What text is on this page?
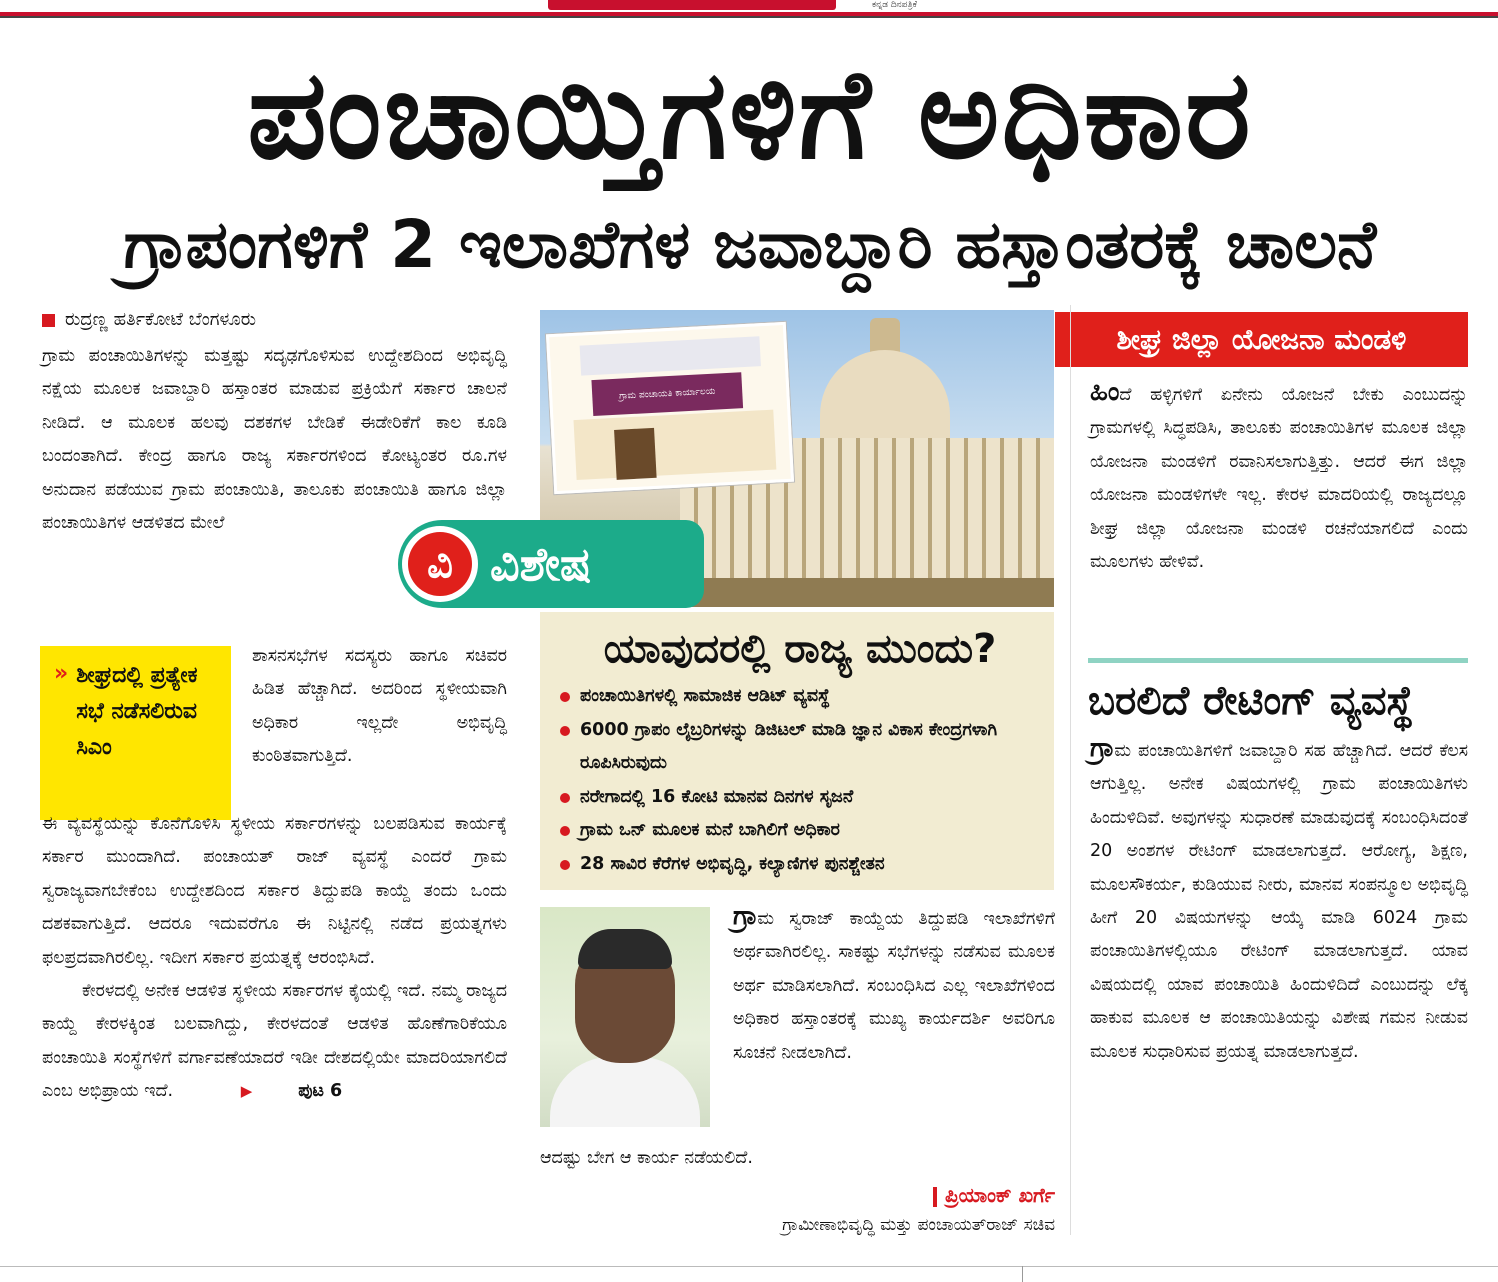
ಕನ್ನಡ ದಿನಪತ್ರಿಕೆ
ಪಂಚಾಯ್ತಿಗಳಿಗೆ ಅಧಿಕಾರ
ಗ್ರಾಪಂಗಳಿಗೆ 2 ಇಲಾಖೆಗಳ ಜವಾಬ್ದಾರಿ ಹಸ್ತಾಂತರಕ್ಕೆ ಚಾಲನೆ
ರುದ್ರಣ್ಣ ಹರ್ತಿಕೋಟೆ ಬೆಂಗಳೂರು

ಗ್ರಾಮ ಪಂಚಾಯಿತಿಗಳನ್ನು ಮತ್ತಷ್ಟು ಸದೃಢಗೊಳಿಸುವ ಉದ್ದೇಶದಿಂದ ಅಭಿವೃದ್ಧಿ ನಕ್ಷೆಯ ಮೂಲಕ ಜವಾಬ್ದಾರಿ ಹಸ್ತಾಂತರ ಮಾಡುವ ಪ್ರಕ್ರಿಯೆಗೆ ಸರ್ಕಾರ ಚಾಲನೆ ನೀಡಿದೆ. ಆ ಮೂಲಕ ಹಲವು ದಶಕಗಳ ಬೇಡಿಕೆ ಈಡೇರಿಕೆಗೆ ಕಾಲ ಕೂಡಿ ಬಂದಂತಾಗಿದೆ. ಕೇಂದ್ರ ಹಾಗೂ ರಾಜ್ಯ ಸರ್ಕಾರಗಳಿಂದ ಕೋಟ್ಯಂತರ ರೂ.ಗಳ ಅನುದಾನ ಪಡೆಯುವ ಗ್ರಾಮ ಪಂಚಾಯಿತಿ, ತಾಲೂಕು ಪಂಚಾಯಿತಿ ಹಾಗೂ ಜಿಲ್ಲಾ ಪಂಚಾಯಿತಿಗಳ ಆಡಳಿತದ ಮೇಲೆ

» ಶೀಘ್ರದಲ್ಲಿ ಪ್ರತ್ಯೇಕ ಸಭೆ ನಡೆಸಲಿರುವ ಸಿಎಂ

ಶಾಸನಸಭೆಗಳ ಸದಸ್ಯರು ಹಾಗೂ ಸಚಿವರ ಹಿಡಿತ ಹೆಚ್ಚಾಗಿದೆ. ಅದರಿಂದ ಸ್ಥಳೀಯವಾಗಿ ಅಧಿಕಾರ ಇಲ್ಲದೇ ಅಭಿವೃದ್ಧಿ ಕುಂಠಿತವಾಗುತ್ತಿದೆ.

ಈ ವ್ಯವಸ್ಥೆಯನ್ನು ಕೊನೆಗೊಳಿಸಿ ಸ್ಥಳೀಯ ಸರ್ಕಾರಗಳನ್ನು ಬಲಪಡಿಸುವ ಕಾರ್ಯಕ್ಕೆ ಸರ್ಕಾರ ಮುಂದಾಗಿದೆ. ಪಂಚಾಯತ್ ರಾಜ್ ವ್ಯವಸ್ಥೆ ಎಂದರೆ ಗ್ರಾಮ ಸ್ವರಾಜ್ಯವಾಗಬೇಕೆಂಬ ಉದ್ದೇಶದಿಂದ ಸರ್ಕಾರ ತಿದ್ದುಪಡಿ ಕಾಯ್ದೆ ತಂದು ಒಂದು ದಶಕವಾಗುತ್ತಿದೆ. ಆದರೂ ಇದುವರೆಗೂ ಈ ನಿಟ್ಟಿನಲ್ಲಿ ನಡೆದ ಪ್ರಯತ್ನಗಳು ಫಲಪ್ರದವಾಗಿರಲಿಲ್ಲ. ಇದೀಗ ಸರ್ಕಾರ ಪ್ರಯತ್ನಕ್ಕೆ ಆರಂಭಿಸಿದೆ.

ಕೇರಳದಲ್ಲಿ ಅನೇಕ ಆಡಳಿತ ಸ್ಥಳೀಯ ಸರ್ಕಾರಗಳ ಕೈಯಲ್ಲಿ ಇದೆ. ನಮ್ಮ ರಾಜ್ಯದ ಕಾಯ್ದೆ ಕೇರಳಕ್ಕಿಂತ ಬಲವಾಗಿದ್ದು, ಕೇರಳದಂತೆ ಆಡಳಿತ ಹೊಣೆಗಾರಿಕೆಯೂ ಪಂಚಾಯಿತಿ ಸಂಸ್ಥೆಗಳಿಗೆ ವರ್ಗಾವಣೆಯಾದರೆ ಇಡೀ ದೇಶದಲ್ಲಿಯೇ ಮಾದರಿಯಾಗಲಿದೆ ಎಂಬ ಅಭಿಪ್ರಾಯ ಇದೆ.	▶	ಪುಟ 6

ಗ್ರಾಮ ಪಂಚಾಯತಿ ಕಾರ್ಯಾಲಯ
ವಿ ವಿಶೇಷ
ಯಾವುದರಲ್ಲಿ ರಾಜ್ಯ ಮುಂದು?
ಪಂಚಾಯಿತಿಗಳಲ್ಲಿ ಸಾಮಾಜಿಕ ಆಡಿಟ್ ವ್ಯವಸ್ಥೆ
6000 ಗ್ರಾಪಂ ಲೈಬ್ರರಿಗಳನ್ನು ಡಿಜಿಟಲ್ ಮಾಡಿ ಜ್ಞಾನ ವಿಕಾಸ ಕೇಂದ್ರಗಳಾಗಿ ರೂಪಿಸಿರುವುದು
ನರೇಗಾದಲ್ಲಿ 16 ಕೋಟಿ ಮಾನವ ದಿನಗಳ ಸೃಜನೆ
ಗ್ರಾಮ ಒನ್ ಮೂಲಕ ಮನೆ ಬಾಗಿಲಿಗೆ ಅಧಿಕಾರ
28 ಸಾವಿರ ಕೆರೆಗಳ ಅಭಿವೃದ್ಧಿ, ಕಲ್ಯಾಣಿಗಳ ಪುನಶ್ಚೇತನ

ಗ್ರಾಮ ಸ್ವರಾಜ್ ಕಾಯ್ದೆಯ ತಿದ್ದುಪಡಿ ಇಲಾಖೆಗಳಿಗೆ ಅರ್ಥವಾಗಿರಲಿಲ್ಲ. ಸಾಕಷ್ಟು ಸಭೆಗಳನ್ನು ನಡೆಸುವ ಮೂಲಕ ಅರ್ಥ ಮಾಡಿಸಲಾಗಿದೆ. ಸಂಬಂಧಿಸಿದ ಎಲ್ಲ ಇಲಾಖೆಗಳಿಂದ ಅಧಿಕಾರ ಹಸ್ತಾಂತರಕ್ಕೆ ಮುಖ್ಯ ಕಾರ್ಯದರ್ಶಿ ಅವರಿಗೂ ಸೂಚನೆ ನೀಡಲಾಗಿದೆ.

ಆದಷ್ಟು ಬೇಗ ಆ ಕಾರ್ಯ ನಡೆಯಲಿದೆ.

ಪ್ರಿಯಾಂಕ್ ಖರ್ಗೆ
ಗ್ರಾಮೀಣಾಭಿವೃದ್ಧಿ ಮತ್ತು ಪಂಚಾಯತ್‌ರಾಜ್ ಸಚಿವ
ಶೀಘ್ರ ಜಿಲ್ಲಾ ಯೋಜನಾ ಮಂಡಳಿ

ಹಿಂದೆ ಹಳ್ಳಿಗಳಿಗೆ ಏನೇನು ಯೋಜನೆ ಬೇಕು ಎಂಬುದನ್ನು ಗ್ರಾಮಗಳಲ್ಲಿ ಸಿದ್ಧಪಡಿಸಿ, ತಾಲೂಕು ಪಂಚಾಯಿತಿಗಳ ಮೂಲಕ ಜಿಲ್ಲಾ ಯೋಜನಾ ಮಂಡಳಿಗೆ ರವಾನಿಸಲಾಗುತ್ತಿತ್ತು. ಆದರೆ ಈಗ ಜಿಲ್ಲಾ ಯೋಜನಾ ಮಂಡಳಿಗಳೇ ಇಲ್ಲ. ಕೇರಳ ಮಾದರಿಯಲ್ಲಿ ರಾಜ್ಯದಲ್ಲೂ ಶೀಘ್ರ ಜಿಲ್ಲಾ ಯೋಜನಾ ಮಂಡಳಿ ರಚನೆಯಾಗಲಿದೆ ಎಂದು ಮೂಲಗಳು ಹೇಳಿವೆ.

ಬರಲಿದೆ ರೇಟಿಂಗ್ ವ್ಯವಸ್ಥೆ

ಗ್ರಾಮ ಪಂಚಾಯಿತಿಗಳಿಗೆ ಜವಾಬ್ದಾರಿ ಸಹ ಹೆಚ್ಚಾಗಿದೆ. ಆದರೆ ಕೆಲಸ ಆಗುತ್ತಿಲ್ಲ. ಅನೇಕ ವಿಷಯಗಳಲ್ಲಿ ಗ್ರಾಮ ಪಂಚಾಯಿತಿಗಳು ಹಿಂದುಳಿದಿವೆ. ಅವುಗಳನ್ನು ಸುಧಾರಣೆ ಮಾಡುವುದಕ್ಕೆ ಸಂಬಂಧಿಸಿದಂತೆ 20 ಅಂಶಗಳ ರೇಟಿಂಗ್ ಮಾಡಲಾಗುತ್ತದೆ. ಆರೋಗ್ಯ, ಶಿಕ್ಷಣ, ಮೂಲಸೌಕರ್ಯ, ಕುಡಿಯುವ ನೀರು, ಮಾನವ ಸಂಪನ್ಮೂಲ ಅಭಿವೃದ್ಧಿ ಹೀಗೆ 20 ವಿಷಯಗಳನ್ನು ಆಯ್ಕೆ ಮಾಡಿ 6024 ಗ್ರಾಮ ಪಂಚಾಯಿತಿಗಳಲ್ಲಿಯೂ ರೇಟಿಂಗ್ ಮಾಡಲಾಗುತ್ತದೆ. ಯಾವ ವಿಷಯದಲ್ಲಿ ಯಾವ ಪಂಚಾಯಿತಿ ಹಿಂದುಳಿದಿದೆ ಎಂಬುದನ್ನು ಲೆಕ್ಕ ಹಾಕುವ ಮೂಲಕ ಆ ಪಂಚಾಯಿತಿಯನ್ನು ವಿಶೇಷ ಗಮನ ನೀಡುವ ಮೂಲಕ ಸುಧಾರಿಸುವ ಪ್ರಯತ್ನ ಮಾಡಲಾಗುತ್ತದೆ.
